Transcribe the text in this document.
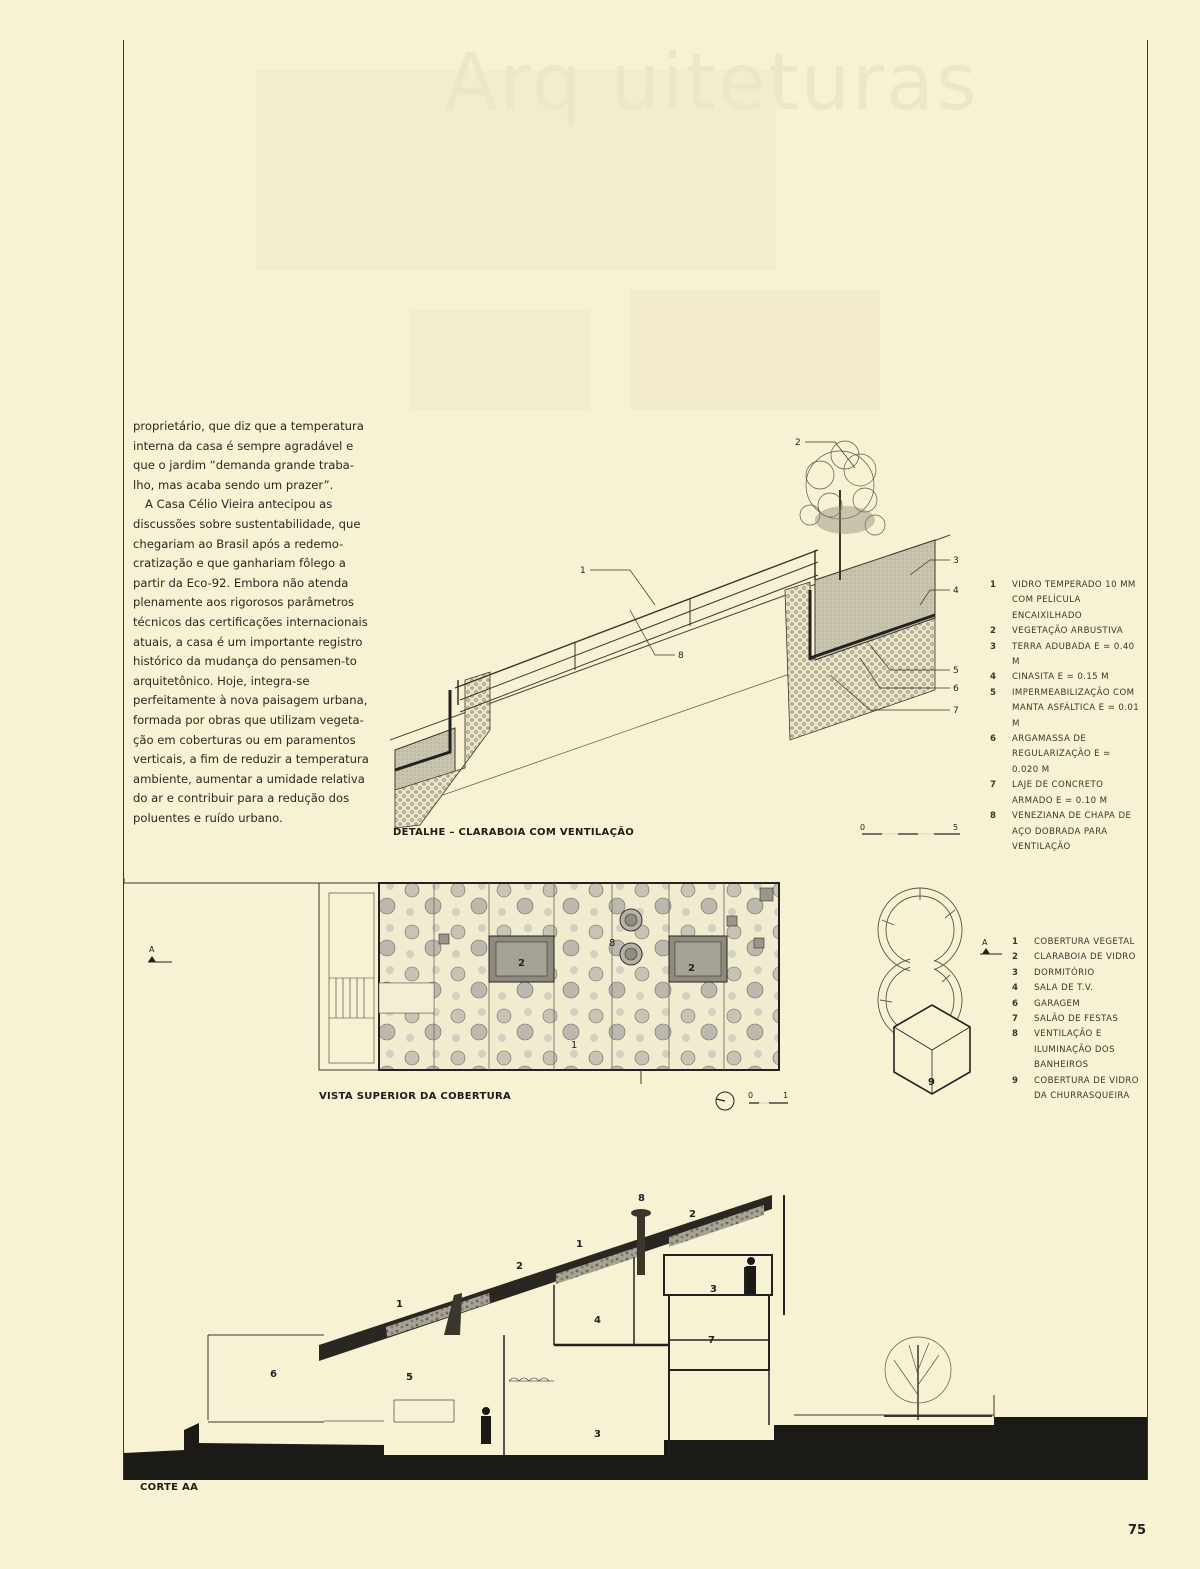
Arq uiteturas

proprietário, que diz que a temperatura interna da casa é sempre agradável e que o jardim “demanda grande traba-lho, mas acaba sendo um prazer”.

A Casa Célio Vieira antecipou as discussões sobre sustentabilidade, que chegariam ao Brasil após a redemo-cratização e que ganhariam fôlego a partir da Eco-92. Embora não atenda plenamente aos rigorosos parâmetros técnicos das certificações internacionais atuais, a casa é um importante registro histórico da mudança do pensamen-to arquitetônico. Hoje, integra-se perfeitamente à nova paisagem urbana, formada por obras que utilizam vegeta-ção em coberturas ou em paramentos verticais, a fim de reduzir a temperatura ambiente, aumentar a umidade relativa do ar e contribuir para a redução dos poluentes e ruído urbano.

1
2
3
4
5
6
7
8
DETALHE – CLARABOIA COM VENTILAÇÃO	0	5
1 VIDRO TEMPERADO 10 MM COM PELÍCULA ENCAIXILHADO
2 VEGETAÇÃO ARBUSTIVA
3 TERRA ADUBADA E = 0.40 M
4 CINASITA E = 0.15 M
5 IMPERMEABILIZAÇÃO COM MANTA ASFÁLTICA E = 0.01 M
6 ARGAMASSA DE REGULARIZAÇÃO E = 0.020 M
7 LAJE DE CONCRETO ARMADO E = 0.10 M
8 VENEZIANA DE CHAPA DE AÇO DOBRADA PARA VENTILAÇÃO
A
2	2
8
1
0	1
9
A
VISTA SUPERIOR DA COBERTURA
1 COBERTURA VEGETAL
2 CLARABOIA DE VIDRO
3 DORMITÓRIO
4 SALA DE T.V.
6 GARAGEM
7 SALÃO DE FESTAS
8 VENTILAÇÃO E ILUMINAÇÃO DOS BANHEIROS
9 COBERTURA DE VIDRO DA CHURRASQUEIRA
8
2
1
2
1
3
4
7
6	5
3
CORTE AA
75
